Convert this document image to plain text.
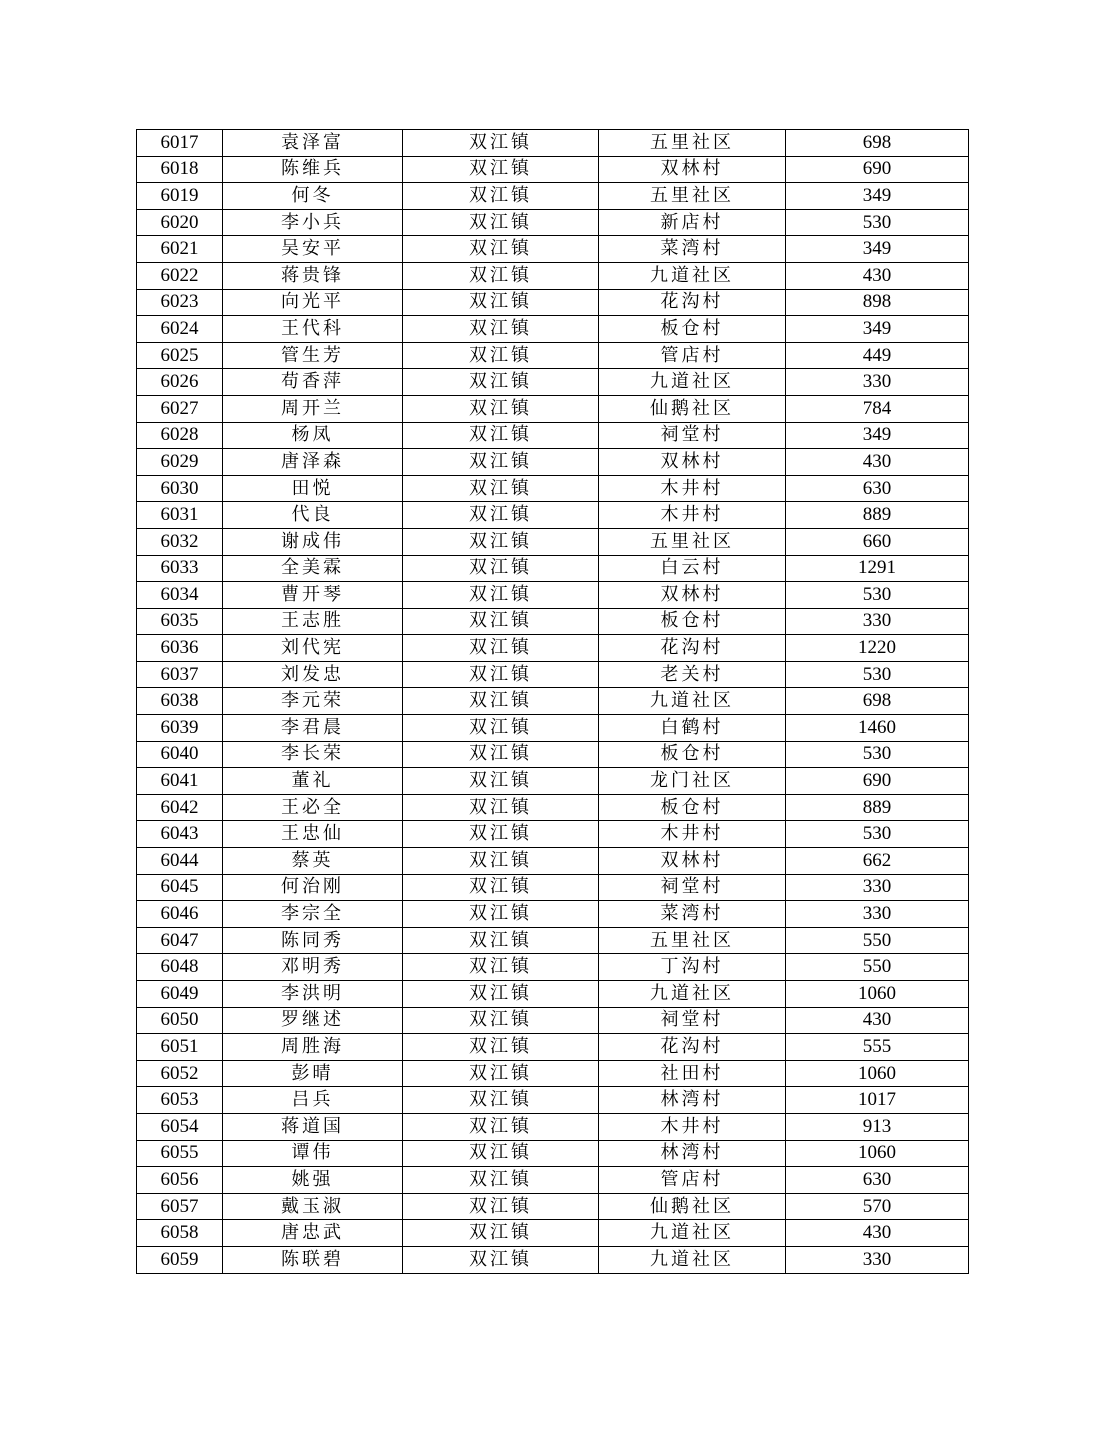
6017	袁泽富	双江镇	五里社区	698
6018	陈维兵	双江镇	双林村	690
6019	何冬	双江镇	五里社区	349
6020	李小兵	双江镇	新店村	530
6021	吴安平	双江镇	菜湾村	349
6022	蒋贵锋	双江镇	九道社区	430
6023	向光平	双江镇	花沟村	898
6024	王代科	双江镇	板仓村	349
6025	管生芳	双江镇	管店村	449
6026	苟香萍	双江镇	九道社区	330
6027	周开兰	双江镇	仙鹅社区	784
6028	杨凤	双江镇	祠堂村	349
6029	唐泽森	双江镇	双林村	430
6030	田悦	双江镇	木井村	630
6031	代良	双江镇	木井村	889
6032	谢成伟	双江镇	五里社区	660
6033	全美霖	双江镇	白云村	1291
6034	曹开琴	双江镇	双林村	530
6035	王志胜	双江镇	板仓村	330
6036	刘代宪	双江镇	花沟村	1220
6037	刘发忠	双江镇	老关村	530
6038	李元荣	双江镇	九道社区	698
6039	李君晨	双江镇	白鹤村	1460
6040	李长荣	双江镇	板仓村	530
6041	董礼	双江镇	龙门社区	690
6042	王必全	双江镇	板仓村	889
6043	王忠仙	双江镇	木井村	530
6044	蔡英	双江镇	双林村	662
6045	何治刚	双江镇	祠堂村	330
6046	李宗全	双江镇	菜湾村	330
6047	陈同秀	双江镇	五里社区	550
6048	邓明秀	双江镇	丁沟村	550
6049	李洪明	双江镇	九道社区	1060
6050	罗继述	双江镇	祠堂村	430
6051	周胜海	双江镇	花沟村	555
6052	彭晴	双江镇	社田村	1060
6053	吕兵	双江镇	林湾村	1017
6054	蒋道国	双江镇	木井村	913
6055	谭伟	双江镇	林湾村	1060
6056	姚强	双江镇	管店村	630
6057	戴玉淑	双江镇	仙鹅社区	570
6058	唐忠武	双江镇	九道社区	430
6059	陈联碧	双江镇	九道社区	330
